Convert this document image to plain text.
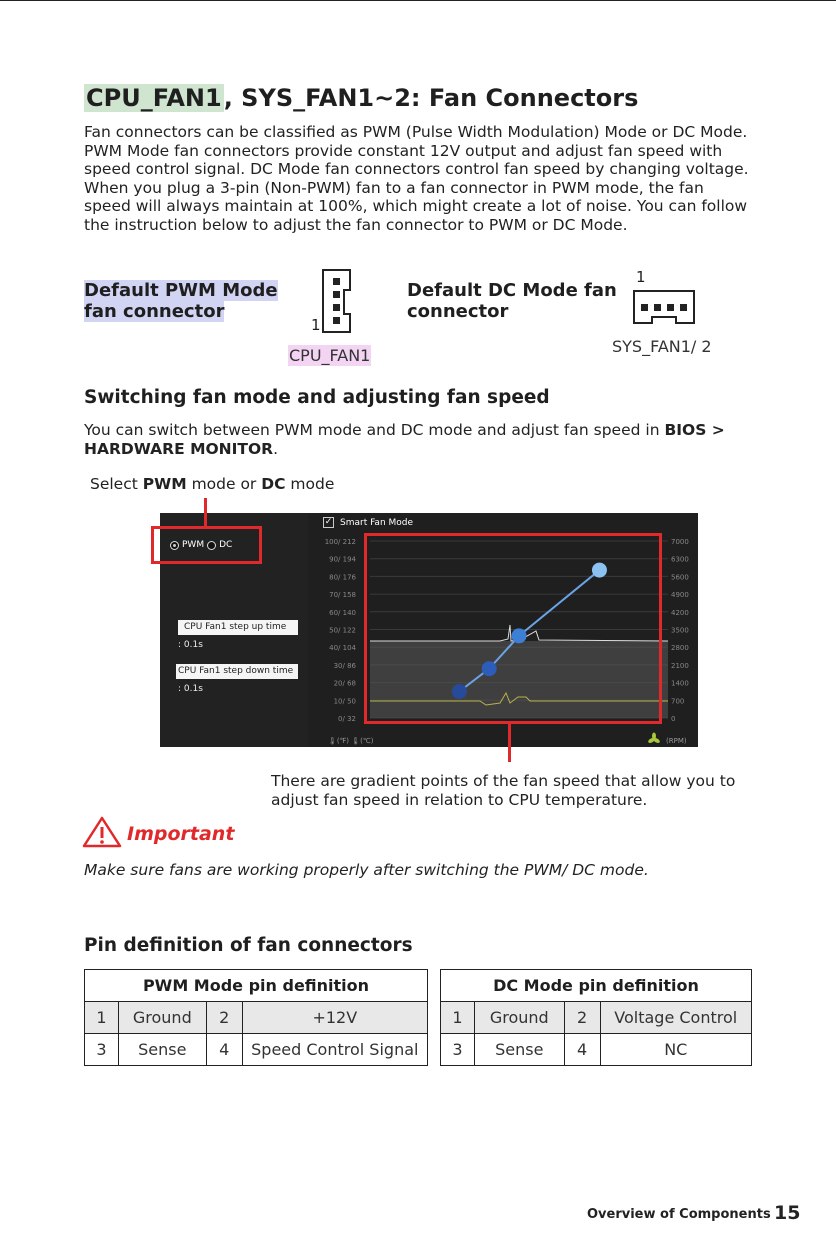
CPU_FAN1, SYS_FAN1~2: Fan Connectors
Fan connectors can be classified as PWM (Pulse Width Modulation) Mode or DC Mode. PWM Mode fan connectors provide constant 12V output and adjust fan speed with speed control signal. DC Mode fan connectors control fan speed by changing voltage. When you plug a 3-pin (Non-PWM) fan to a fan connector in PWM mode, the fan speed will always maintain at 100%, which might create a lot of noise. You can follow the instruction below to adjust the fan connector to PWM or DC Mode.
Default PWM Mode
fan connector
1
CPU_FAN1
Default DC Mode fan
connector
1
SYS_FAN1/ 2
Switching fan mode and adjusting fan speed
You can switch between PWM mode and DC mode and adjust fan speed in BIOS > HARDWARE MONITOR.
Select PWM mode or DC mode
PWM DC
CPU Fan1 step up time
: 0.1s
CPU Fan1 step down time
: 0.1s
✓ Smart Fan Mode
100/ 212
90/ 194
80/ 176
70/ 158
60/ 140
50/ 122
40/ 104
30/ 86
20/ 68
10/ 50
0/ 32
7000
6300
5600
4900
4200
3500
2800
2100
1400
700
0
🌡(℉) 🌡(℃)	(RPM)
There are gradient points of the fan speed that allow you to adjust fan speed in relation to CPU temperature.
Important
Make sure fans are working properly after switching the PWM/ DC mode.
Pin definition of fan connectors
PWM Mode pin definition			
1	Ground	2	+12V
3	Sense	4	Speed Control Signal
DC Mode pin definition			
1	Ground	2	Voltage Control
3	Sense	4	NC
Overview of Components 15
